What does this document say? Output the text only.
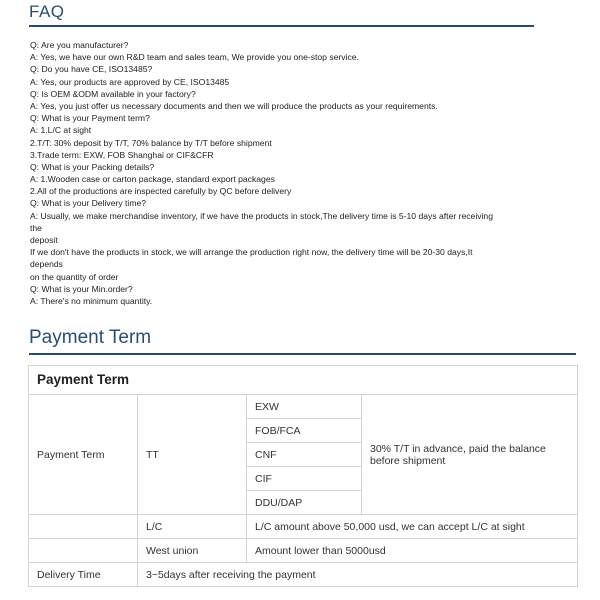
FAQ
Q: Are you manufacturer?
A: Yes, we have our own R&D team and sales team, We provide you one-stop service.
Q: Do you have CE, ISO13485?
A: Yes, our products are approved by CE, ISO13485
Q: Is OEM &ODM available in your factory?
A: Yes, you just offer us necessary documents and then we will produce the products as your requirements.
Q: What is your Payment term?
A: 1.L/C at sight
2.T/T: 30% deposit by T/T, 70% balance by T/T before shipment
3.Trade term: EXW, FOB Shanghai or CIF&CFR
Q: What is your Packing details?
A: 1.Wooden case or carton package, standard export packages
2.All of the productions are inspected carefully by QC before delivery
Q: What is your Delivery time?
A: Usually, we make merchandise inventory, if we have the products in stock,The delivery time is 5-10 days after receiving
the
deposit
If we don't have the products in stock, we will arrange the production right now, the delivery time will be 20-30 days,It
depends
on the quantity of order
Q: What is your Min.order?
A: There's no minimum quantity.
Payment Term
Payment Term
Payment Term	TT	EXW	30% T/T in advance, paid the balance before shipment
		FOB/FCA	
		CNF	
		CIF	
		DDU/DAP	
	L/C	L/C amount above 50,000 usd, we can accept L/C at sight	
	West union	Amount lower than 5000usd	
Delivery Time	3~5days after receiving the payment		
